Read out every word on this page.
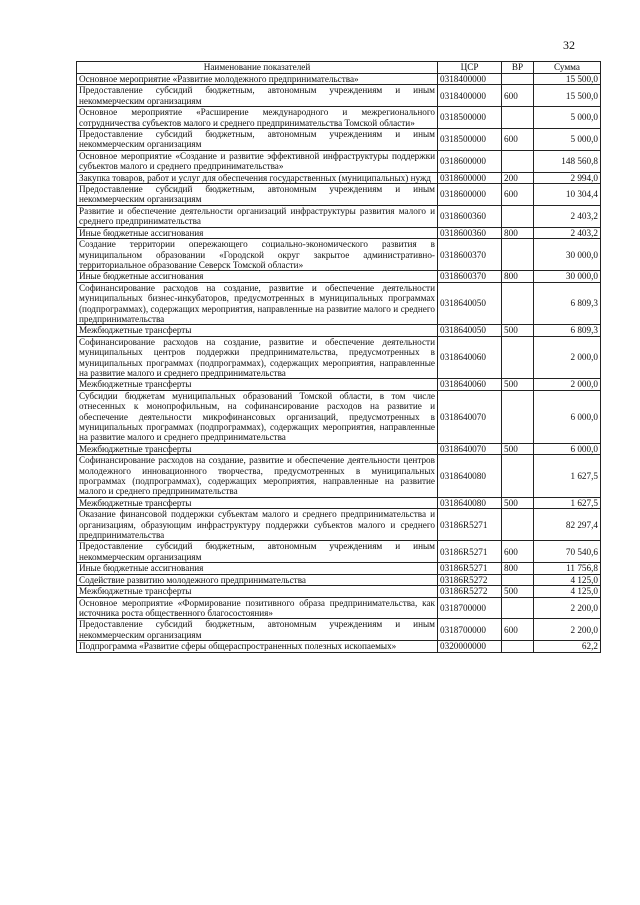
32
Наименование показателей	ЦСР	ВР	Сумма
Основное мероприятие «Развитие молодежного предпринимательства»	0318400000		15 500,0
Предоставление субсидий бюджетным, автономным учреждениям и иным некоммерческим организациям	0318400000	600	15 500,0
Основное мероприятие «Расширение международного и межрегионального сотрудничества субъектов малого и среднего предпринимательства Томской области»	0318500000		5 000,0
Предоставление субсидий бюджетным, автономным учреждениям и иным некоммерческим организациям	0318500000	600	5 000,0
Основное мероприятие «Создание и развитие эффективной инфраструктуры поддержки субъектов малого и среднего предпринимательства»	0318600000		148 560,8
Закупка товаров, работ и услуг для обеспечения государственных (муниципальных) нужд	0318600000	200	2 994,0
Предоставление субсидий бюджетным, автономным учреждениям и иным некоммерческим организациям	0318600000	600	10 304,4
Развитие и обеспечение деятельности организаций инфраструктуры развития малого и среднего предпринимательства	0318600360		2 403,2
Иные бюджетные ассигнования	0318600360	800	2 403,2
Создание территории опережающего социально-экономического развития в муниципальном образовании «Городской округ закрытое административно-территориальное образование Северск Томской области»	0318600370		30 000,0
Иные бюджетные ассигнования	0318600370	800	30 000,0
Софинансирование расходов на создание, развитие и обеспечение деятельности муниципальных бизнес-инкубаторов, предусмотренных в муниципальных программах (подпрограммах), содержащих мероприятия, направленные на развитие малого и среднего предпринимательства	0318640050		6 809,3
Межбюджетные трансферты	0318640050	500	6 809,3
Софинансирование расходов на создание, развитие и обеспечение деятельности муниципальных центров поддержки предпринимательства, предусмотренных в муниципальных программах (подпрограммах), содержащих мероприятия, направленные на развитие малого и среднего предпринимательства	0318640060		2 000,0
Межбюджетные трансферты	0318640060	500	2 000,0
Субсидии бюджетам муниципальных образований Томской области, в том числе отнесенных к монопрофильным, на софинансирование расходов на развитие и обеспечение деятельности микрофинансовых организаций, предусмотренных в муниципальных программах (подпрограммах), содержащих мероприятия, направленные на развитие малого и среднего предпринимательства	0318640070		6 000,0
Межбюджетные трансферты	0318640070	500	6 000,0
Софинансирование расходов на создание, развитие и обеспечение деятельности центров молодежного инновационного творчества, предусмотренных в муниципальных программах (подпрограммах), содержащих мероприятия, направленные на развитие малого и среднего предпринимательства	0318640080		1 627,5
Межбюджетные трансферты	0318640080	500	1 627,5
Оказание финансовой поддержки субъектам малого и среднего предпринимательства и организациям, образующим инфраструктуру поддержки субъектов малого и среднего предпринимательства	03186R5271		82 297,4
Предоставление субсидий бюджетным, автономным учреждениям и иным некоммерческим организациям	03186R5271	600	70 540,6
Иные бюджетные ассигнования	03186R5271	800	11 756,8
Содействие развитию молодежного предпринимательства	03186R5272		4 125,0
Межбюджетные трансферты	03186R5272	500	4 125,0
Основное мероприятие «Формирование позитивного образа предпринимательства, как источника роста общественного благосостояния»	0318700000		2 200,0
Предоставление субсидий бюджетным, автономным учреждениям и иным некоммерческим организациям	0318700000	600	2 200,0
Подпрограмма «Развитие сферы общераспространенных полезных ископаемых»	0320000000		62,2
